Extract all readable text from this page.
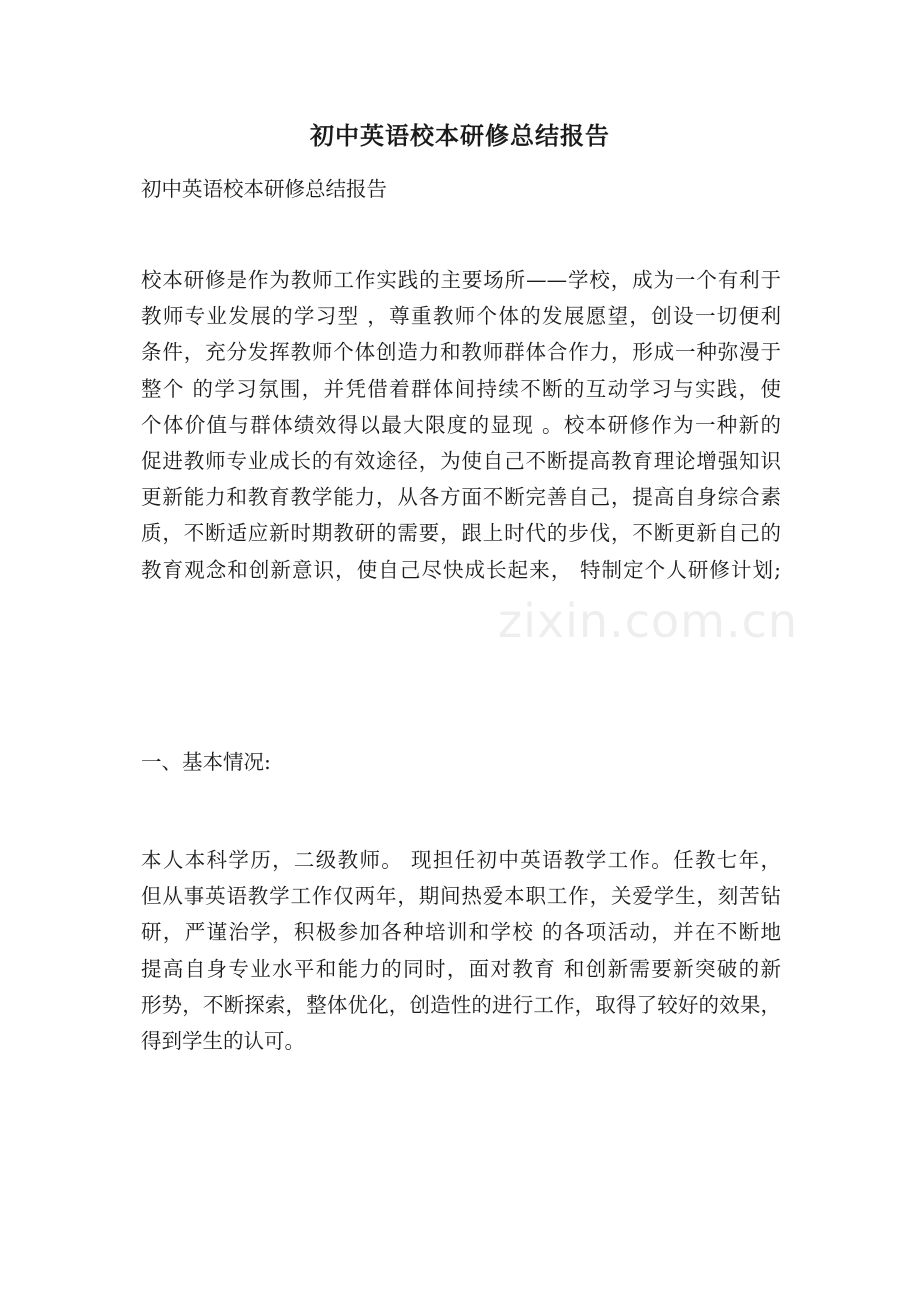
初中英语校本研修总结报告
初中英语校本研修总结报告
校本研修是作为教师工作实践的主要场所——学校，成为一个有利于
教师专业发展的学习型 ，尊重教师个体的发展愿望，创设一切便利
条件，充分发挥教师个体创造力和教师群体合作力，形成一种弥漫于
整个 的学习氛围，并凭借着群体间持续不断的互动学习与实践，使
个体价值与群体绩效得以最大限度的显现 。校本研修作为一种新的
促进教师专业成长的有效途径，为使自己不断提高教育理论增强知识
更新能力和教育教学能力，从各方面不断完善自己，提高自身综合素
质，不断适应新时期教研的需要，跟上时代的步伐，不断更新自己的
教育观念和创新意识，使自己尽快成长起来， 特制定个人研修计划;
一、基本情况:
本人本科学历，二级教师。 现担任初中英语教学工作。任教七年，
但从事英语教学工作仅两年，期间热爱本职工作，关爱学生，刻苦钻
研，严谨治学，积极参加各种培训和学校 的各项活动，并在不断地
提高自身专业水平和能力的同时，面对教育 和创新需要新突破的新
形势，不断探索，整体优化，创造性的进行工作，取得了较好的效果，
得到学生的认可。
zixin.com.cn
